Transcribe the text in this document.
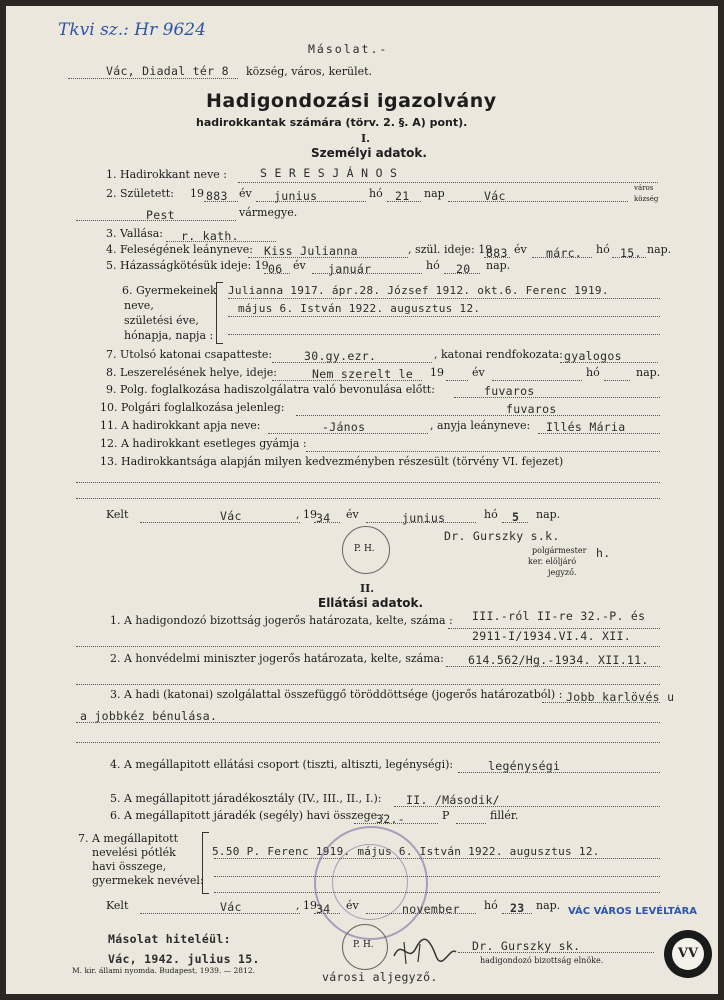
Tkvi sz.: Hr 9624
Másolat.-
Vác, Diadal tér 8 község, város, kerület.
Hadigondozási igazolvány
hadirokkantak számára (törv. 2. §. A) pont).
I.
Személyi adatok.
1. Hadirokkant neve :	S E R E S J Á N O S
2. Született: 19 883 év junius	hó 21 nap	Vác
város
község
Pest	vármegye.
3. Vallása: r. kath.
4. Feleségének leányneve: Kiss Julianna	, szül. ideje: 19
883 év márc. hó 15. nap.
5. Házasságkötésük ideje: 19 06 év január	hó 20 nap.
6. Gyermekeinek
neve,
születési éve,
hónapja, napja :
Julianna 1917. ápr.28. József 1912. okt.6. Ferenc 1919.
május 6. István 1922. augusztus 12.
7. Utolsó katonai csapatteste:	30.gy.ezr.	, katonai rendfokozata: gyalogos
8. Leszerelésének helye, ideje:	Nem szerelt le 19	év	hó	nap.
9. Polg. foglalkozása hadiszolgálatra való bevonulása előtt:	fuvaros
10. Polgári foglalkozása jelenleg:	fuvaros
11. A hadirokkant apja neve:	-János	, anyja leányneve: Illés Mária
12. A hadirokkant esetleges gyámja :
13. Hadirokkantsága alapján milyen kedvezményben részesült (törvény VI. fejezet)
Kelt	Vác	, 19 34 év	junius	hó 5 nap.
P. H.
Dr. Gurszky s.k.
h.
polgármester
ker. elöljáró
jegyző.
II.
Ellátási adatok.
1. A hadigondozó bizottság jogerős határozata, kelte, száma : III.-ról II-re 32.-P. és
2911-I/1934.VI.4. XII.
2. A honvédelmi miniszter jogerős határozata, kelte, száma: 614.562/Hg.-1934. XII.11.
3. A hadi (katonai) szolgálattal összefüggő töröddöttsége (jogerős határozatból) : Jobb karlövés u
a jobbkéz bénulása.
4. A megállapitott ellátási csoport (tiszti, altiszti, legénységi):	legénységi
5. A megállapitott járadékosztály (IV., III., II., I.): II. /Második/
6. A megállapitott járadék (segély) havi összege :
32.-	P	fillér.
7. A megállapitott
nevelési pótlék
havi összege,
gyermekek nevével:
5.50 P. Ferenc 1919. május 6. István 1922. augusztus 12.
Kelt	Vác	, 19 34 év	november hó 23 nap. VÁC VÁROS LEVÉLTÁRA
P. H.
Másolat hiteléül:
Vác, 1942. julius 15.
M. kir. állami nyomda. Budapest, 1939. — 2812.
Dr. Gurszky sk.
hadigondozó bizottság elnöke.
városi aljegyző.
VV
